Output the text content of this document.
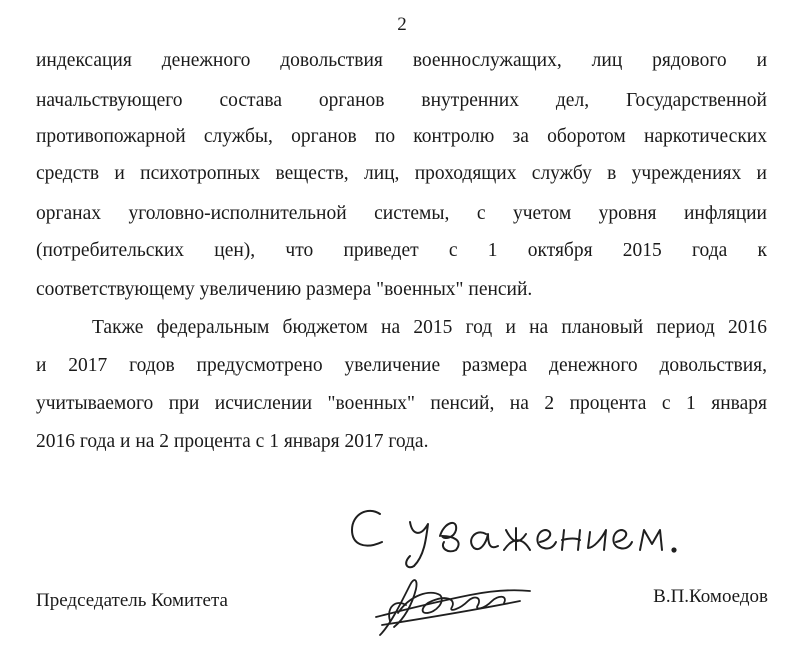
2
индексация денежного довольствия военнослужащих, лиц рядового и
начальствующего состава органов внутренних дел, Государственной
противопожарной службы, органов по контролю за оборотом наркотических
средств и психотропных веществ, лиц, проходящих службу в учреждениях и
органах уголовно-исполнительной системы, с учетом уровня инфляции
(потребительских цен), что приведет с 1 октября 2015 года к
соответствующему увеличению размера "военных" пенсий.
Также федеральным бюджетом на 2015 год и на плановый период 2016
и 2017 годов предусмотрено увеличение размера денежного довольствия,
учитываемого при исчислении "военных" пенсий, на 2 процента с 1 января
2016 года и на 2 процента с 1 января 2017 года.
Председатель Комитета	В.П.Комоедов
